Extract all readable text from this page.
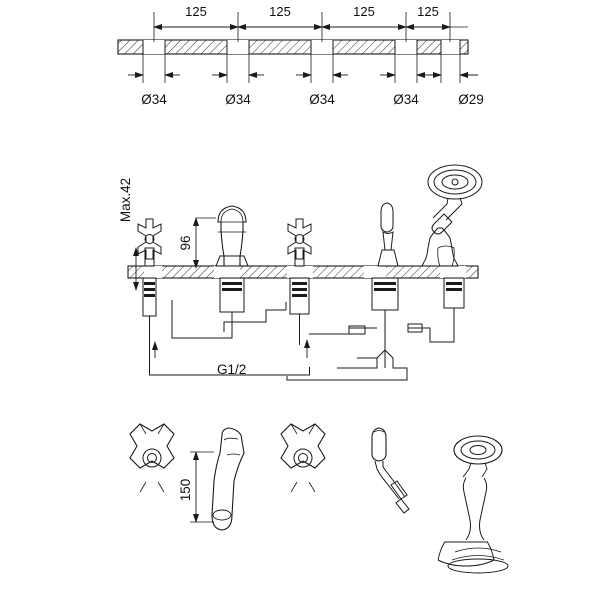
125	125	125	125
Ø34	Ø34	Ø34	Ø34	Ø29
Max.42
96
G1/2
150
